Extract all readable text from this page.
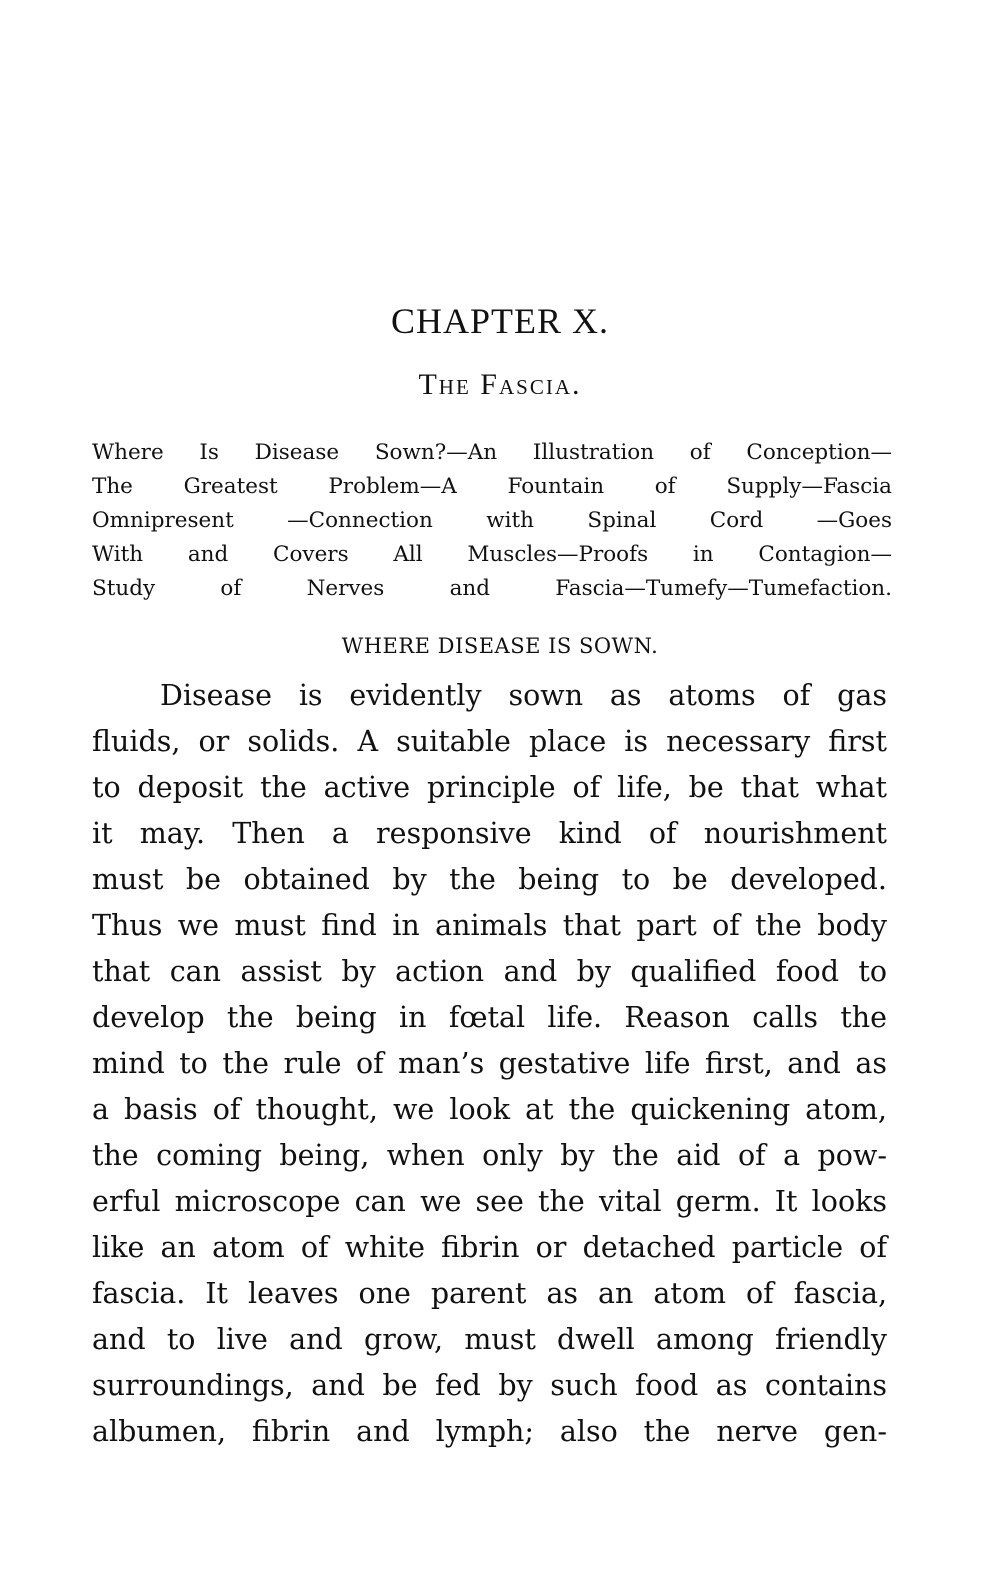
CHAPTER X.
The Fascia.
Where Is Disease Sown?—An Illustration of Conception—
The Greatest Problem—A Fountain of Supply—Fascia
Omnipresent —Connection with Spinal Cord —Goes
With and Covers All Muscles—Proofs in Contagion—
Study of Nerves and Fascia—Tumefy—Tumefaction.
WHERE DISEASE IS SOWN.
Disease is evidently sown as atoms of gas
fluids, or solids. A suitable place is necessary first
to deposit the active principle of life, be that what
it may. Then a responsive kind of nourishment
must be obtained by the being to be developed.
Thus we must find in animals that part of the body
that can assist by action and by qualified food to
develop the being in fœtal life. Reason calls the
mind to the rule of man’s gestative life first, and as
a basis of thought, we look at the quickening atom,
the coming being, when only by the aid of a pow-
erful microscope can we see the vital germ. It looks
like an atom of white fibrin or detached particle of
fascia. It leaves one parent as an atom of fascia,
and to live and grow, must dwell among friendly
surroundings, and be fed by such food as contains
albumen, fibrin and lymph; also the nerve gen-
